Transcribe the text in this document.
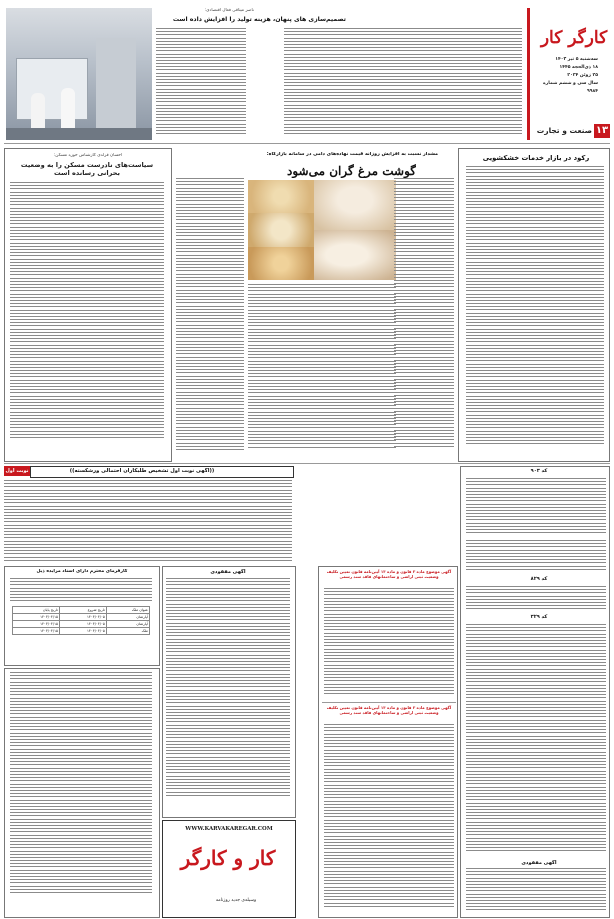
کارگر کار
سه‌شنبه ۵ تیر ۱۴۰۳
۱۸ ذی‌الحجه ۱۴۴۵
۲۵ ژوئن ۲۰۲۴
سال سی و ششم شماره ۹۹۸۴
۱۳
صنعت و تجارت
ناصر میثاقی فعال اقتصادی:
تصمیم‌سازی های پنهان، هزینه تولید را افزایش داده است
رکود در بازار خدمات خشکشویی
مشدار نسبت به افزایش روزانه قیمت نهاده‌های دامی در سامانه بازارگاه:
گوشت مرغ گران می‌شود
احسان قرلدی کارشناس حوزه مسکن:
سیاست‌های نادرست مسکن را به وضعیت بحرانی رسانده است
((آگهی نوبت اول تشخیص طلبکاران احتمالی ورشکسته))
نوبت اول	کد ۹۰۳
کد ۸۲۹
کد ۳۲۹
آگهی مفقودی
آگهی موضوع ماده ۳ قانون و ماده ۱۳ آیین‌نامه قانون تعیین تکلیف وضعیت ثبتی اراضی و ساختمانهای فاقد سند رسمی
آگهی موضوع ماده ۳ قانون و ماده ۱۳ آیین‌نامه قانون تعیین تکلیف وضعیت ثبتی اراضی و ساختمانهای فاقد سند رسمی
آگهی مفقودی
کارفرمای محترم دارای اسناد مزایده ذیل
عنوان ملک	تاریخ شروع	تاریخ پایان
آپارتمان	۱۴۰۳/۰۴/۰۵	۱۴۰۳/۰۴/۱۵
آپارتمان	۱۴۰۳/۰۴/۰۵	۱۴۰۳/۰۴/۱۵
ملک	۱۴۰۳/۰۴/۰۵	۱۴۰۳/۰۴/۱۵
WWW.KARVAKAREGAR.COM
کار و کارگر
وسیله‌ی جدید روزنامه
